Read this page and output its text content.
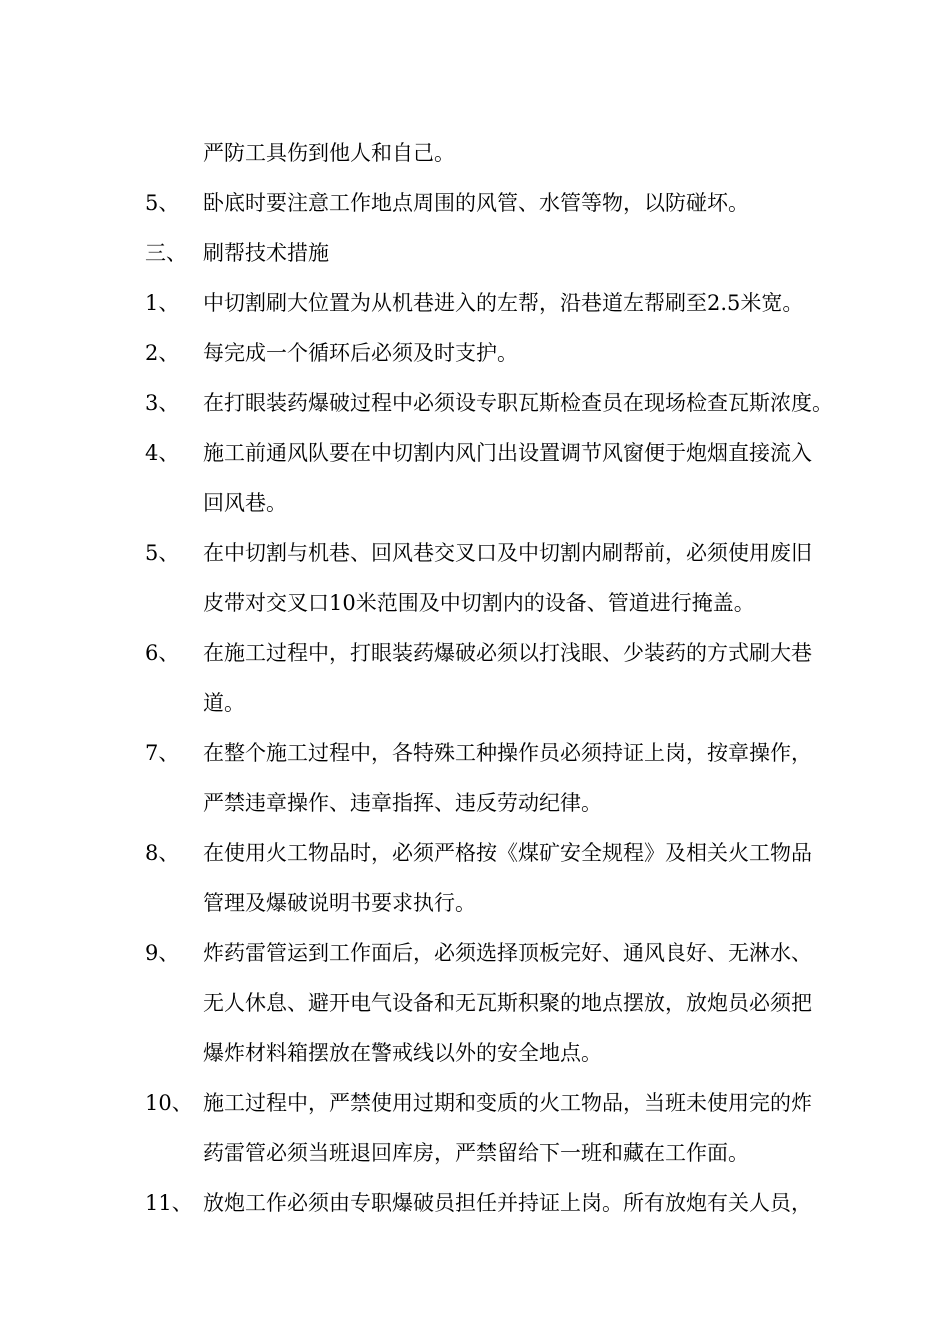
严防工具伤到他人和自己。
5、 卧底时要注意工作地点周围的风管、水管等物，以防碰坏。
三、 刷帮技术措施
1、 中切割刷大位置为从机巷进入的左帮，沿巷道左帮刷至2.5米宽。
2、 每完成一个循环后必须及时支护。
3、 在打眼装药爆破过程中必须设专职瓦斯检查员在现场检查瓦斯浓度。
4、 施工前通风队要在中切割内风门出设置调节风窗便于炮烟直接流入
回风巷。
5、 在中切割与机巷、回风巷交叉口及中切割内刷帮前，必须使用废旧
皮带对交叉口10米范围及中切割内的设备、管道进行掩盖。
6、 在施工过程中，打眼装药爆破必须以打浅眼、少装药的方式刷大巷
道。
7、 在整个施工过程中，各特殊工种操作员必须持证上岗，按章操作，
严禁违章操作、违章指挥、违反劳动纪律。
8、 在使用火工物品时，必须严格按《煤矿安全规程》及相关火工物品
管理及爆破说明书要求执行。
9、 炸药雷管运到工作面后，必须选择顶板完好、通风良好、无淋水、
无人休息、避开电气设备和无瓦斯积聚的地点摆放，放炮员必须把
爆炸材料箱摆放在警戒线以外的安全地点。
10、 施工过程中，严禁使用过期和变质的火工物品，当班未使用完的炸
药雷管必须当班退回库房，严禁留给下一班和藏在工作面。
11、 放炮工作必须由专职爆破员担任并持证上岗。所有放炮有关人员，
